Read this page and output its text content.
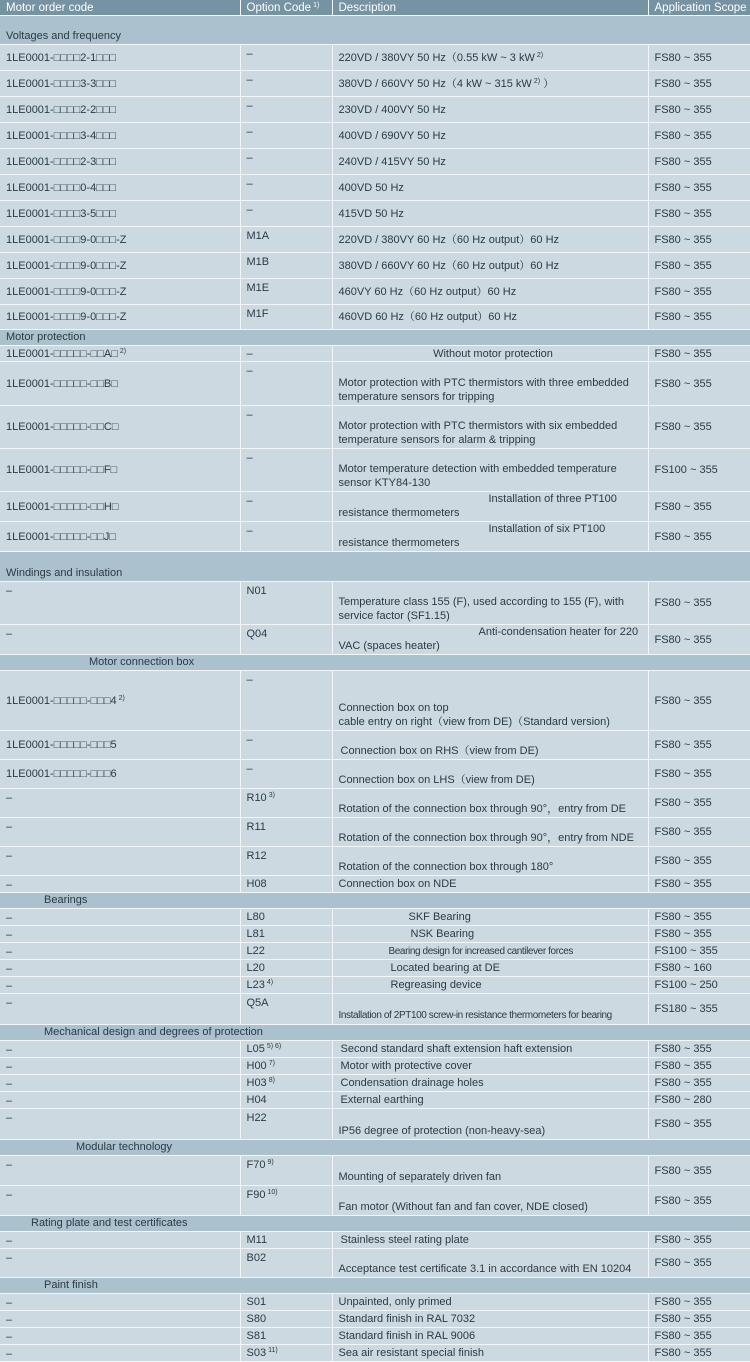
Motor order code	Option Code $^{1)}$	Description	Application Scope
Voltages and frequency			
1LE0001-□□□□2-1□□□	–	220VD / 380VY 50 Hz（0.55 kW ~ 3 kW $^{2)}$	FS80 ~ 355
1LE0001-□□□□3-3□□□	–	380VD / 660VY 50 Hz（4 kW ~ 315 kW $^{2)}$ ）	FS80 ~ 355
1LE0001-□□□□2-2□□□	–	230VD / 400VY 50 Hz	FS80 ~ 355
1LE0001-□□□□3-4□□□	–	400VD / 690VY 50 Hz	FS80 ~ 355
1LE0001-□□□□2-3□□□	–	240VD / 415VY 50 Hz	FS80 ~ 355
1LE0001-□□□□0-4□□□	–	400VD 50 Hz	FS80 ~ 355
1LE0001-□□□□3-5□□□	–	415VD 50 Hz	FS80 ~ 355
1LE0001-□□□□9-0□□□-Z	M1A	220VD / 380VY 60 Hz（60 Hz output）60 Hz	FS80 ~ 355
1LE0001-□□□□9-0□□□-Z	M1B	380VD / 660VY 60 Hz（60 Hz output）60 Hz	FS80 ~ 355
1LE0001-□□□□9-0□□□-Z	M1E	460VY 60 Hz（60 Hz output）60 Hz	FS80 ~ 355
1LE0001-□□□□9-0□□□-Z	M1F	460VD 60 Hz（60 Hz output）60 Hz	FS80 ~ 355
Motor protection			
1LE0001-□□□□□-□□A□ $^{2)}$	–	Without motor protection	FS80 ~ 355
1LE0001-□□□□□-□□B□	–	Motor protection with PTC thermistors with three embedded
temperature sensors for tripping	FS80 ~ 355
1LE0001-□□□□□-□□C□	–	Motor protection with PTC thermistors with six embedded
temperature sensors for alarm & tripping	FS80 ~ 355
1LE0001-□□□□□-□□F□	–	Motor temperature detection with embedded temperature
sensor KTY84-130	FS100 ~ 355
1LE0001-□□□□□-□□H□	–	Installation of three PT100
resistance thermometers	FS80 ~ 355
1LE0001-□□□□□-□□J□	–	Installation of six PT100
resistance thermometers	FS80 ~ 355
Windings and insulation			
–	N01	Temperature class 155 (F), used according to 155 (F), with
service factor (SF1.15)	FS80 ~ 355
–	Q04	Anti-condensation heater for 220
VAC (spaces heater)	FS80 ~ 355
Motor connection box			
1LE0001-□□□□□-□□□4 $^{2)}$	–	Connection box on top
cable entry on right（view from DE)（Standard version)	FS80 ~ 355
1LE0001-□□□□□-□□□5	–	Connection box on RHS（view from DE)	FS80 ~ 355
1LE0001-□□□□□-□□□6	–	Connection box on LHS（view from DE)	FS80 ~ 355
–	R10 $^{3)}$	Rotation of the connection box through 90°，entry from DE	FS80 ~ 355
–	R11	Rotation of the connection box through 90°，entry from NDE	FS80 ~ 355
–	R12	Rotation of the connection box through 180°	FS80 ~ 355
–	H08	Connection box on NDE	FS80 ~ 355
Bearings			
–	L80	SKF Bearing	FS80 ~ 355
–	L81	NSK Bearing	FS80 ~ 355
–	L22	Bearing design for increased cantilever forces	FS100 ~ 355
–	L20	Located bearing at DE	FS80 ~ 160
–	L23 $^{4)}$	Regreasing device	FS100 ~ 250
–	Q5A	Installation of 2PT100 screw-in resistance thermometers for bearing	FS180 ~ 355
Mechanical design and degrees of protection			
–	L05 $^{5) 6)}$	Second standard shaft extension haft extension	FS80 ~ 355
–	H00 $^{7)}$	Motor with protective cover	FS80 ~ 355
–	H03 $^{8)}$	Condensation drainage holes	FS80 ~ 355
–	H04	External earthing	FS80 ~ 280
–	H22	IP56 degree of protection (non-heavy-sea)	FS80 ~ 355
Modular technology			
–	F70 $^{9)}$	Mounting of separately driven fan	FS80 ~ 355
–	F90 $^{10)}$	Fan motor (Without fan and fan cover, NDE closed)	FS80 ~ 355
Rating plate and test certificates			
–	M11	Stainless steel rating plate	FS80 ~ 355
–	B02	Acceptance test certificate 3.1 in accordance with EN 10204	FS80 ~ 355
Paint finish			
–	S01	Unpainted, only primed	FS80 ~ 355
–	S80	Standard finish in RAL 7032	FS80 ~ 355
–	S81	Standard finish in RAL 9006	FS80 ~ 355
–	S03 $^{11)}$	Sea air resistant special finish	FS80 ~ 355
